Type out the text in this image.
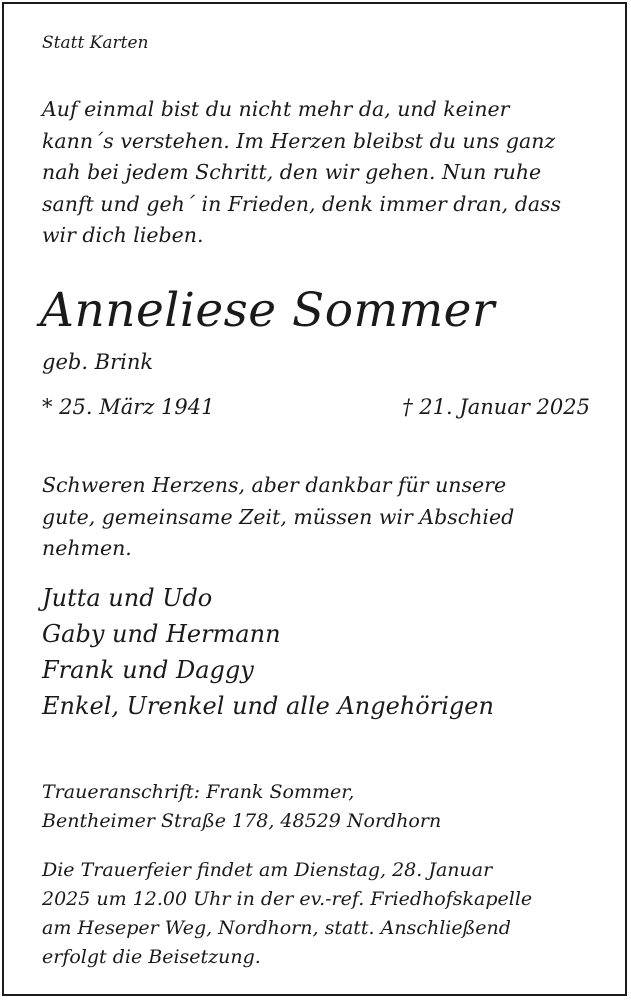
Statt Karten

Auf einmal bist du nicht mehr da, und keiner
kann´s verstehen. Im Herzen bleibst du uns ganz
nah bei jedem Schritt, den wir gehen. Nun ruhe
sanft und geh´ in Frieden, denk immer dran, dass
wir dich lieben.

Anneliese Sommer

geb. Brink

* 25. März 1941	† 21. Januar 2025

Schweren Herzens, aber dankbar für unsere
gute, gemeinsame Zeit, müssen wir Abschied
nehmen.
Jutta und Udo
Gaby und Hermann
Frank und Daggy
Enkel, Urenkel und alle Angehörigen
Traueranschrift: Frank Sommer,
Bentheimer Straße 178, 48529 Nordhorn
Die Trauerfeier findet am Dienstag, 28. Januar
2025 um 12.00 Uhr in der ev.-ref. Friedhofskapelle
am Heseper Weg, Nordhorn, statt. Anschließend
erfolgt die Beisetzung.
